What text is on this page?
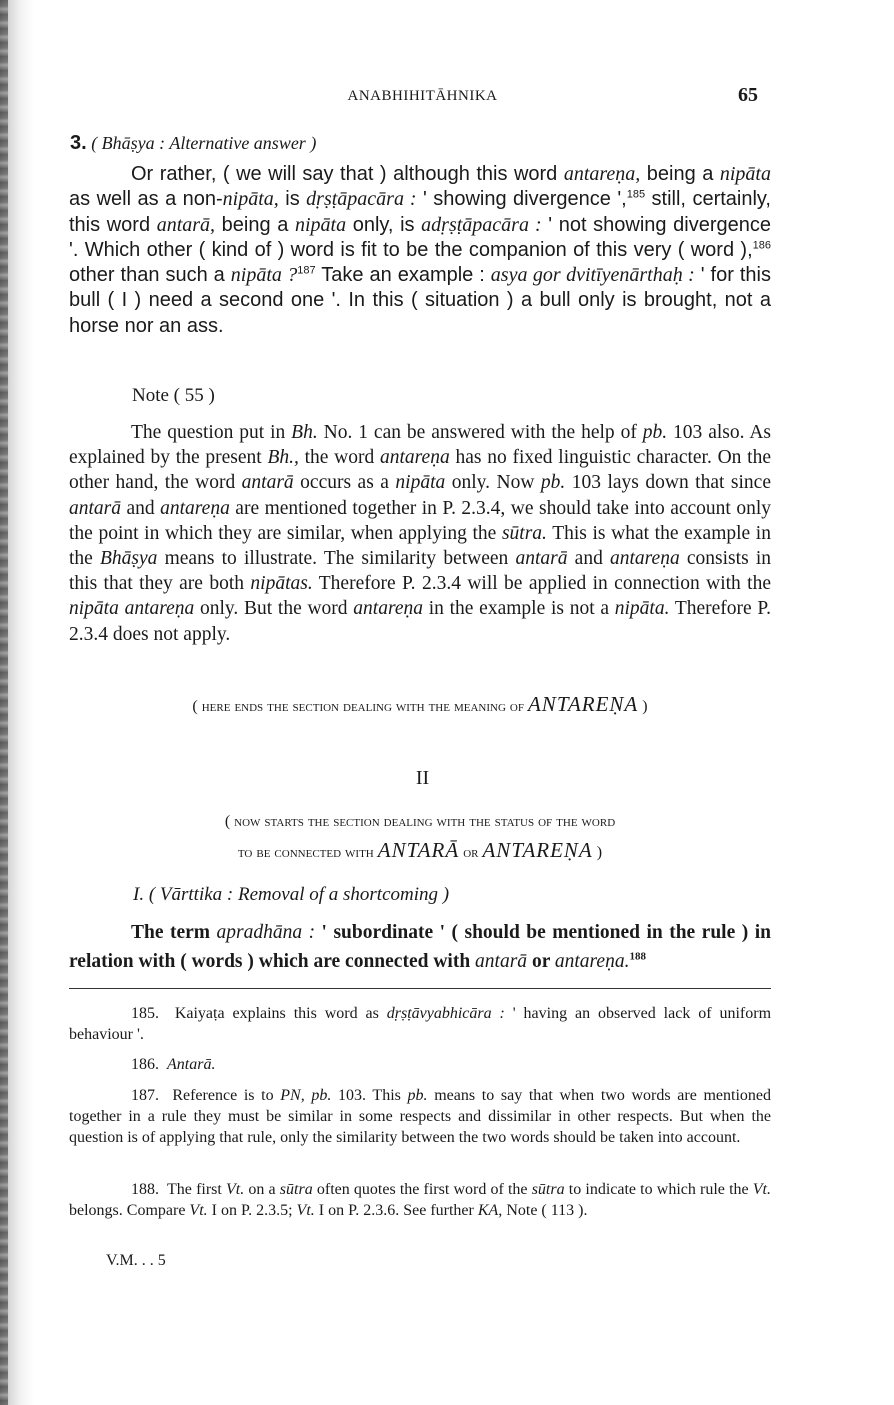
ANABHIHITĀHNIKA	65
3. ( Bhāṣya : Alternative answer )
Or rather, ( we will say that ) although this word antareṇa, being a nipāta as well as a non-nipāta, is dṛṣṭāpacāra : ' showing divergence ',$^{185}$ still, certainly, this word antarā, being a nipāta only, is adṛṣṭāpacāra : ' not showing divergence '. Which other ( kind of ) word is fit to be the companion of this very ( word ),$^{186}$ other than such a nipāta ?$^{187}$ Take an example : asya gor dvitīyenārthaḥ : ' for this bull ( I ) need a second one '. In this ( situation ) a bull only is brought, not a horse nor an ass.
Note ( 55 )
The question put in Bh. No. 1 can be answered with the help of pb. 103 also. As explained by the present Bh., the word antareṇa has no fixed linguistic character. On the other hand, the word antarā occurs as a nipāta only. Now pb. 103 lays down that since antarā and antareṇa are mentioned together in P. 2.3.4, we should take into account only the point in which they are similar, when applying the sūtra. This is what the example in the Bhāṣya means to illustrate. The similarity between antarā and antareṇa consists in this that they are both nipātas. Therefore P. 2.3.4 will be applied in connection with the nipāta antareṇa only. But the word antareṇa in the example is not a nipāta. Therefore P. 2.3.4 does not apply.
( here ends the section dealing with the meaning of ANTAREṆA )
II
( now starts the section dealing with the status of the word
to be connected with ANTARĀ or ANTAREṆA )
I. ( Vārttika : Removal of a shortcoming )
The term apradhāna : ' subordinate ' ( should be mentioned in the rule ) in relation with ( words ) which are connected with antarā or antareṇa.$^{188}$
185. Kaiyaṭa explains this word as dṛṣṭāvyabhicāra : ' having an observed lack of uniform behaviour '.
186. Antarā.
187. Reference is to PN, pb. 103. This pb. means to say that when two words are mentioned together in a rule they must be similar in some respects and dissimilar in other respects. But when the question is of applying that rule, only the similarity between the two words should be taken into account.
188. The first Vt. on a sūtra often quotes the first word of the sūtra to indicate to which rule the Vt. belongs. Compare Vt. I on P. 2.3.5; Vt. I on P. 2.3.6. See further KA, Note ( 113 ).
V.M. . . 5
